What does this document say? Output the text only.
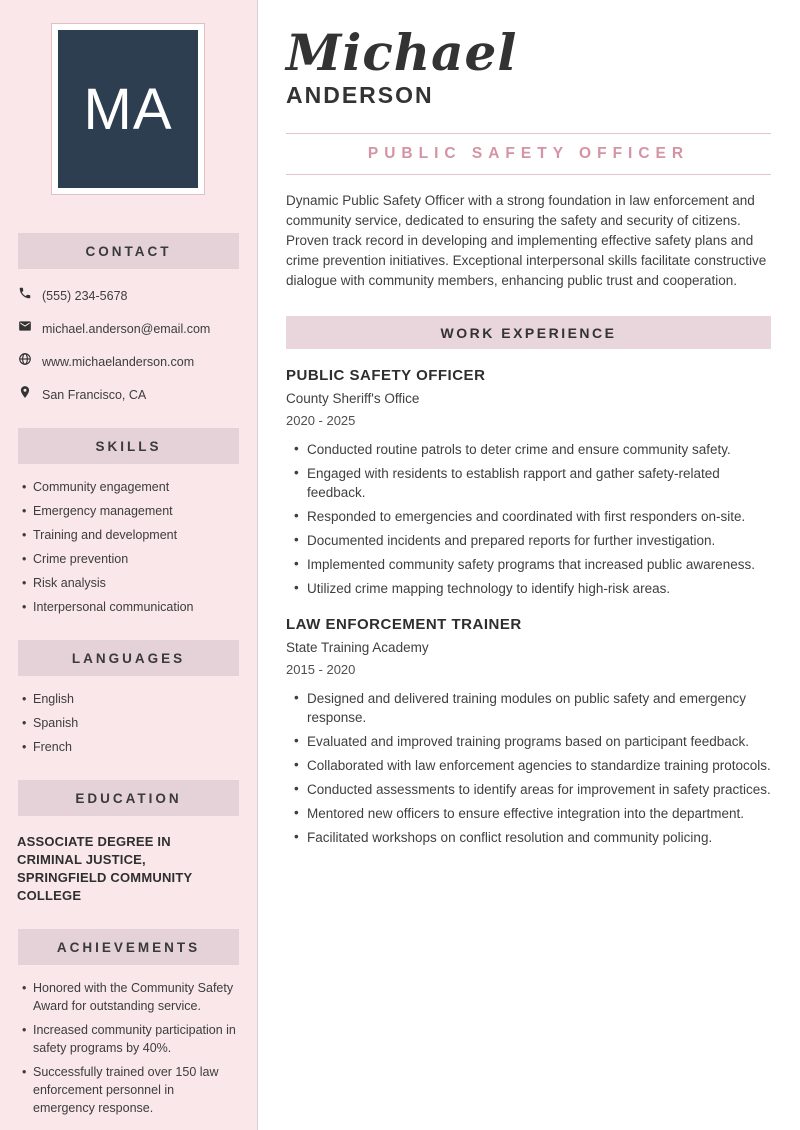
MA
CONTACT
(555) 234-5678
michael.anderson@email.com
www.michaelanderson.com
San Francisco, CA
SKILLS
• Community engagement
• Emergency management
• Training and development
• Crime prevention
• Risk analysis
• Interpersonal communication
LANGUAGES
• English
• Spanish
• French
EDUCATION
ASSOCIATE DEGREE IN CRIMINAL JUSTICE, SPRINGFIELD COMMUNITY COLLEGE
ACHIEVEMENTS
• Honored with the Community Safety Award for outstanding service.
• Increased community participation in safety programs by 40%.
• Successfully trained over 150 law enforcement personnel in emergency response.
Michael
ANDERSON
PUBLIC SAFETY OFFICER

Dynamic Public Safety Officer with a strong foundation in law enforcement and community service, dedicated to ensuring the safety and security of citizens. Proven track record in developing and implementing effective safety plans and crime prevention initiatives. Exceptional interpersonal skills facilitate constructive dialogue with community members, enhancing public trust and cooperation.

WORK EXPERIENCE
PUBLIC SAFETY OFFICER
County Sheriff's Office
2020 - 2025
• Conducted routine patrols to deter crime and ensure community safety.
• Engaged with residents to establish rapport and gather safety-related feedback.
• Responded to emergencies and coordinated with first responders on-site.
• Documented incidents and prepared reports for further investigation.
• Implemented community safety programs that increased public awareness.
• Utilized crime mapping technology to identify high-risk areas.
LAW ENFORCEMENT TRAINER
State Training Academy
2015 - 2020
• Designed and delivered training modules on public safety and emergency response.
• Evaluated and improved training programs based on participant feedback.
• Collaborated with law enforcement agencies to standardize training protocols.
• Conducted assessments to identify areas for improvement in safety practices.
• Mentored new officers to ensure effective integration into the department.
• Facilitated workshops on conflict resolution and community policing.
